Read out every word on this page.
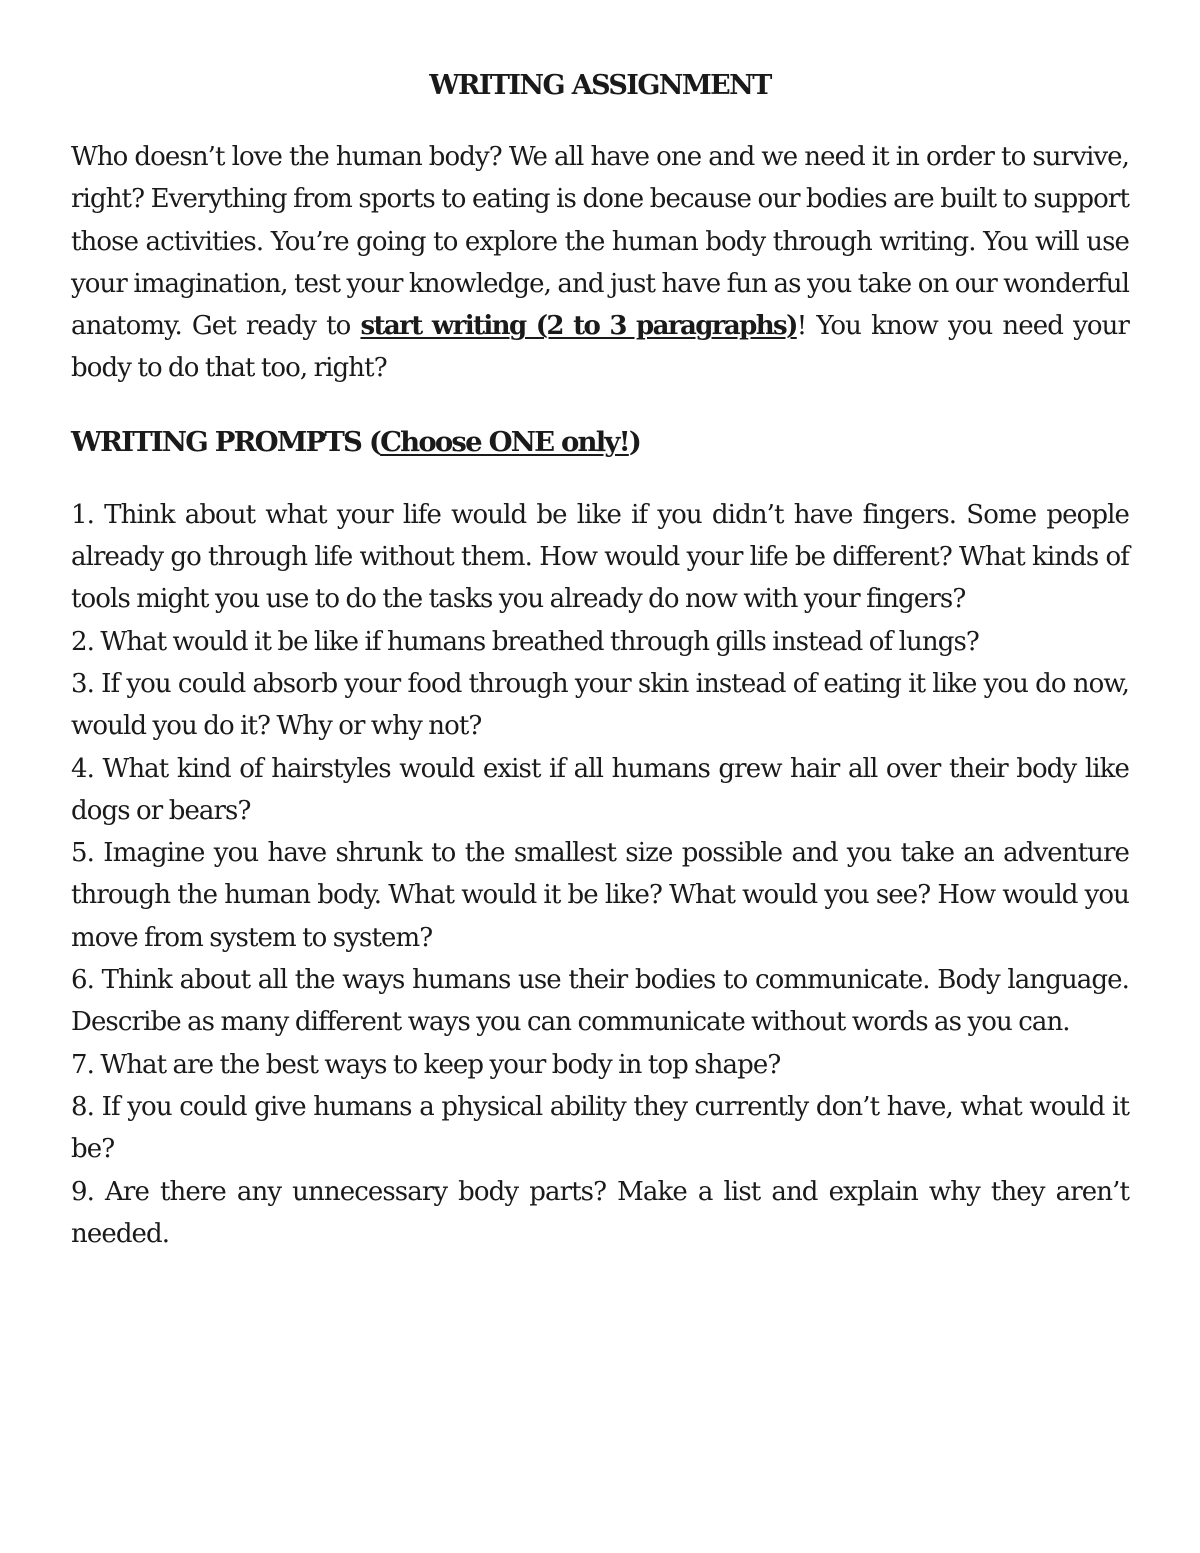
WRITING ASSIGNMENT

Who doesn’t love the human body? We all have one and we need it in order to survive, right? Everything from sports to eating is done because our bodies are built to support those activities. You’re going to explore the human body through writing. You will use your imagination, test your knowledge, and just have fun as you take on our wonderful anatomy. Get ready to start writing (2 to 3 paragraphs)! You know you need your body to do that too, right?

WRITING PROMPTS (Choose ONE only!)
1. Think about what your life would be like if you didn’t have fingers. Some people already go through life without them. How would your life be different? What kinds of tools might you use to do the tasks you already do now with your fingers?
2. What would it be like if humans breathed through gills instead of lungs?
3. If you could absorb your food through your skin instead of eating it like you do now, would you do it? Why or why not?
4. What kind of hairstyles would exist if all humans grew hair all over their body like dogs or bears?
5. Imagine you have shrunk to the smallest size possible and you take an adventure through the human body. What would it be like? What would you see? How would you move from system to system?
6. Think about all the ways humans use their bodies to communicate. Body language. Describe as many different ways you can communicate without words as you can.
7. What are the best ways to keep your body in top shape?
8. If you could give humans a physical ability they currently don’t have, what would it be?
9. Are there any unnecessary body parts? Make a list and explain why they aren’t needed.
